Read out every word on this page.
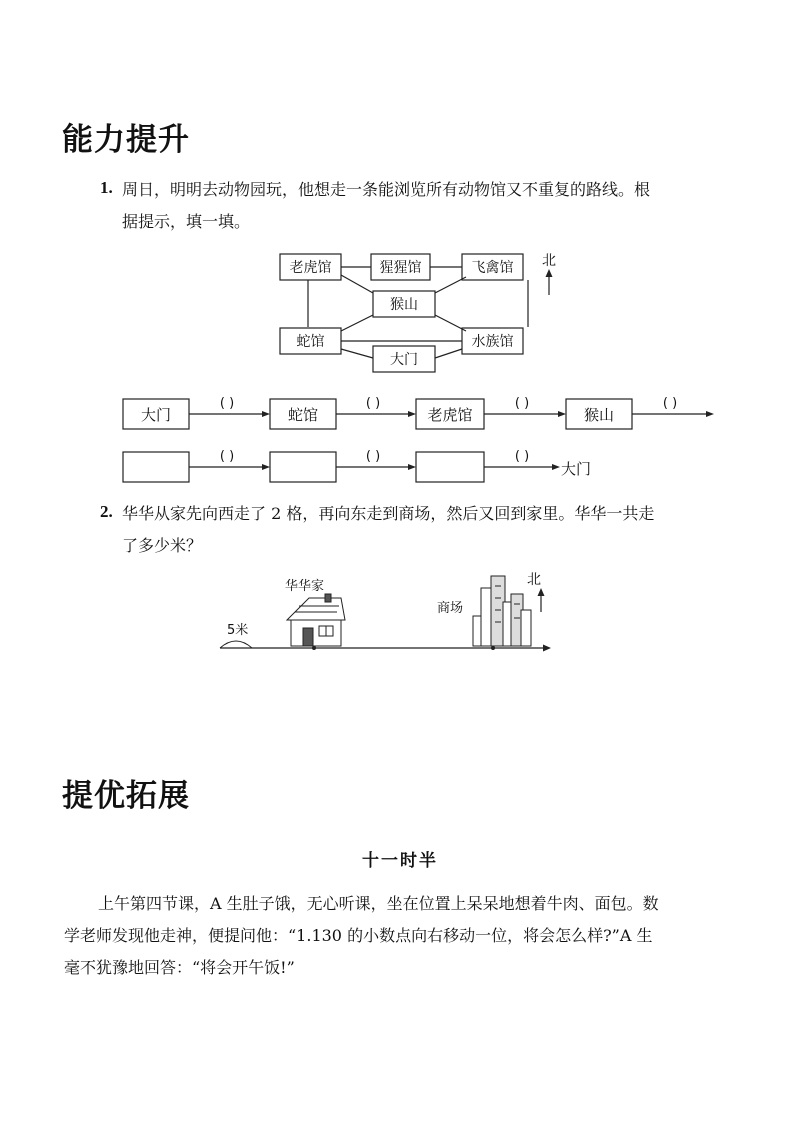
能力提升
1. 周日，明明去动物园玩，他想走一条能浏览所有动物馆又不重复的路线。根
据提示，填一填。
老虎馆	猩猩馆	飞禽馆
猴山
蛇馆	水族馆
大门
北
大门	蛇馆	老虎馆	猴山
( )	( )	( )	( )
大门
( )	( )	( )
2. 华华从家先向西走了 2 格，再向东走到商场，然后又回到家里。华华一共走
了多少米？
华华家
商场
北
5米
提优拓展
十一时半
上午第四节课，A 生肚子饿，无心听课，坐在位置上呆呆地想着牛肉、面包。数
学老师发现他走神，便提问他：“1.130 的小数点向右移动一位，将会怎么样?”A 生
毫不犹豫地回答：“将会开午饭!”
